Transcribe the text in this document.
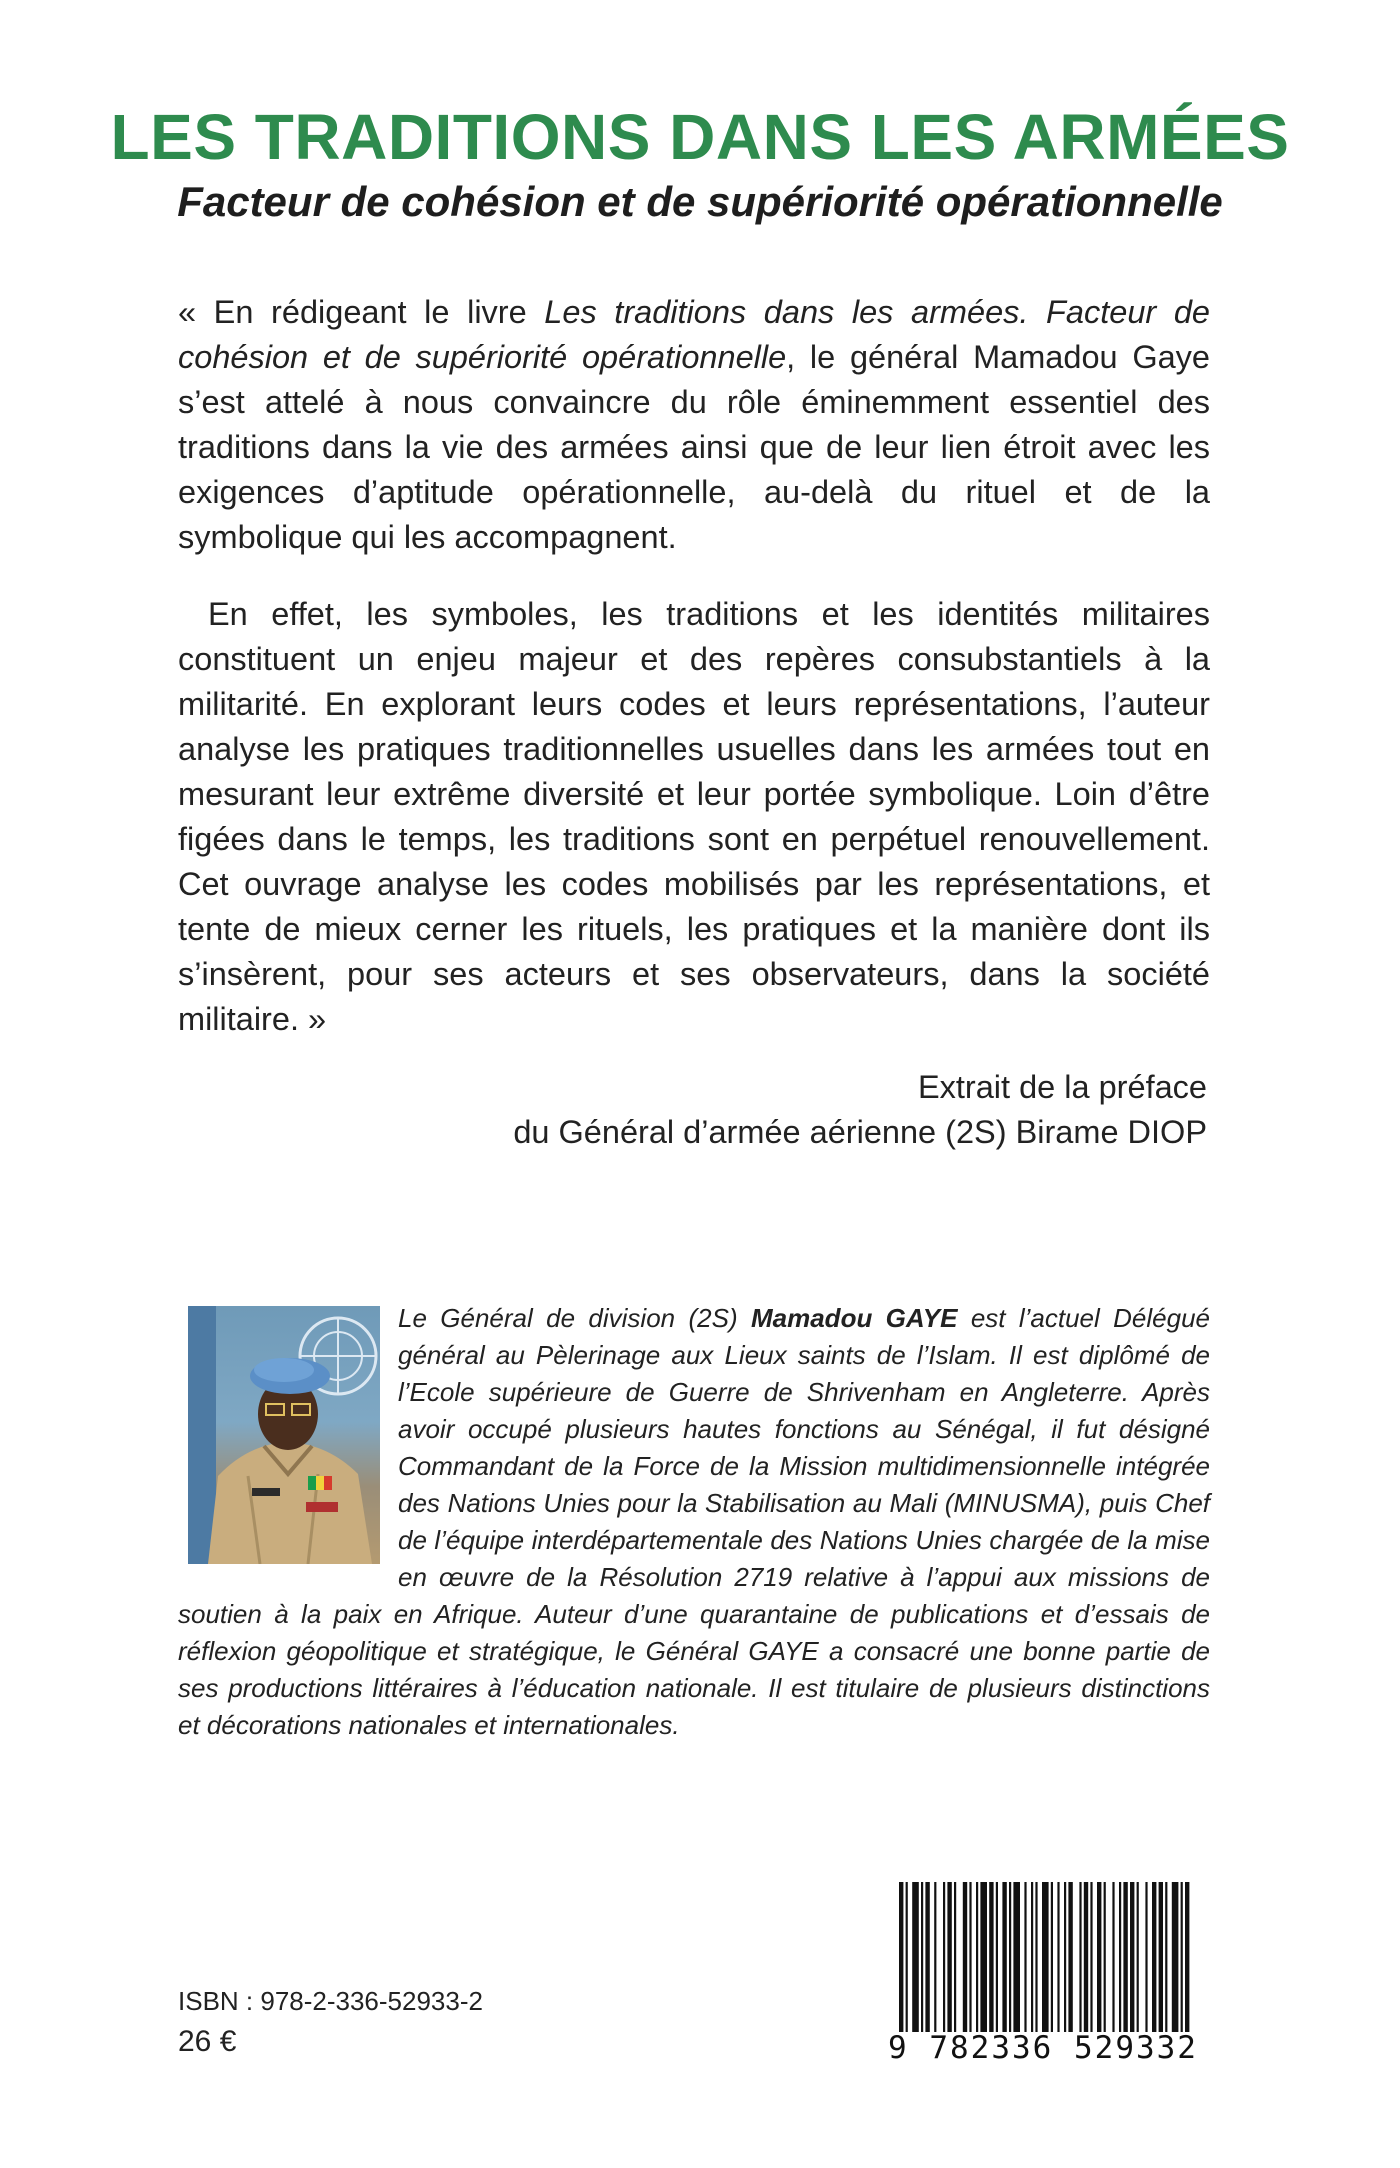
LES TRADITIONS DANS LES ARMÉES
Facteur de cohésion et de supériorité opérationnelle

« En rédigeant le livre Les traditions dans les armées. Facteur de cohésion et de supériorité opérationnelle, le général Mamadou Gaye s’est attelé à nous convaincre du rôle éminemment essentiel des traditions dans la vie des armées ainsi que de leur lien étroit avec les exigences d’aptitude opérationnelle, au-delà du rituel et de la symbolique qui les accompagnent.

En effet, les symboles, les traditions et les identités militaires constituent un enjeu majeur et des repères consubstantiels à la militarité. En explorant leurs codes et leurs représentations, l’auteur analyse les pratiques traditionnelles usuelles dans les armées tout en mesurant leur extrême diversité et leur portée symbolique. Loin d’être figées dans le temps, les traditions sont en perpétuel renouvellement. Cet ouvrage analyse les codes mobilisés par les représentations, et tente de mieux cerner les rituels, les pratiques et la manière dont ils s’insèrent, pour ses acteurs et ses observateurs, dans la société militaire. »

Extrait de la préface

du Général d’armée aérienne (2S) Birame DIOP

Le Général de division (2S) Mamadou GAYE est l’actuel Délégué général au Pèlerinage aux Lieux saints de l’Islam. Il est diplômé de l’Ecole supérieure de Guerre de Shrivenham en Angleterre. Après avoir occupé plusieurs hautes fonctions au Sénégal, il fut désigné Commandant de la Force de la Mission multidimensionnelle intégrée des Nations Unies pour la Stabilisation au Mali (MINUSMA), puis Chef de l’équipe interdépartementale des Nations Unies chargée de la mise en œuvre de la Résolution 2719 relative à l’appui aux missions de soutien à la paix en Afrique. Auteur d’une quarantaine de publications et d’essais de réflexion géopolitique et stratégique, le Général GAYE a consacré une bonne partie de ses productions littéraires à l’éducation nationale. Il est titulaire de plusieurs distinctions et décorations nationales et internationales.
ISBN : 978-2-336-52933-2
26 €	9 782336 529332
